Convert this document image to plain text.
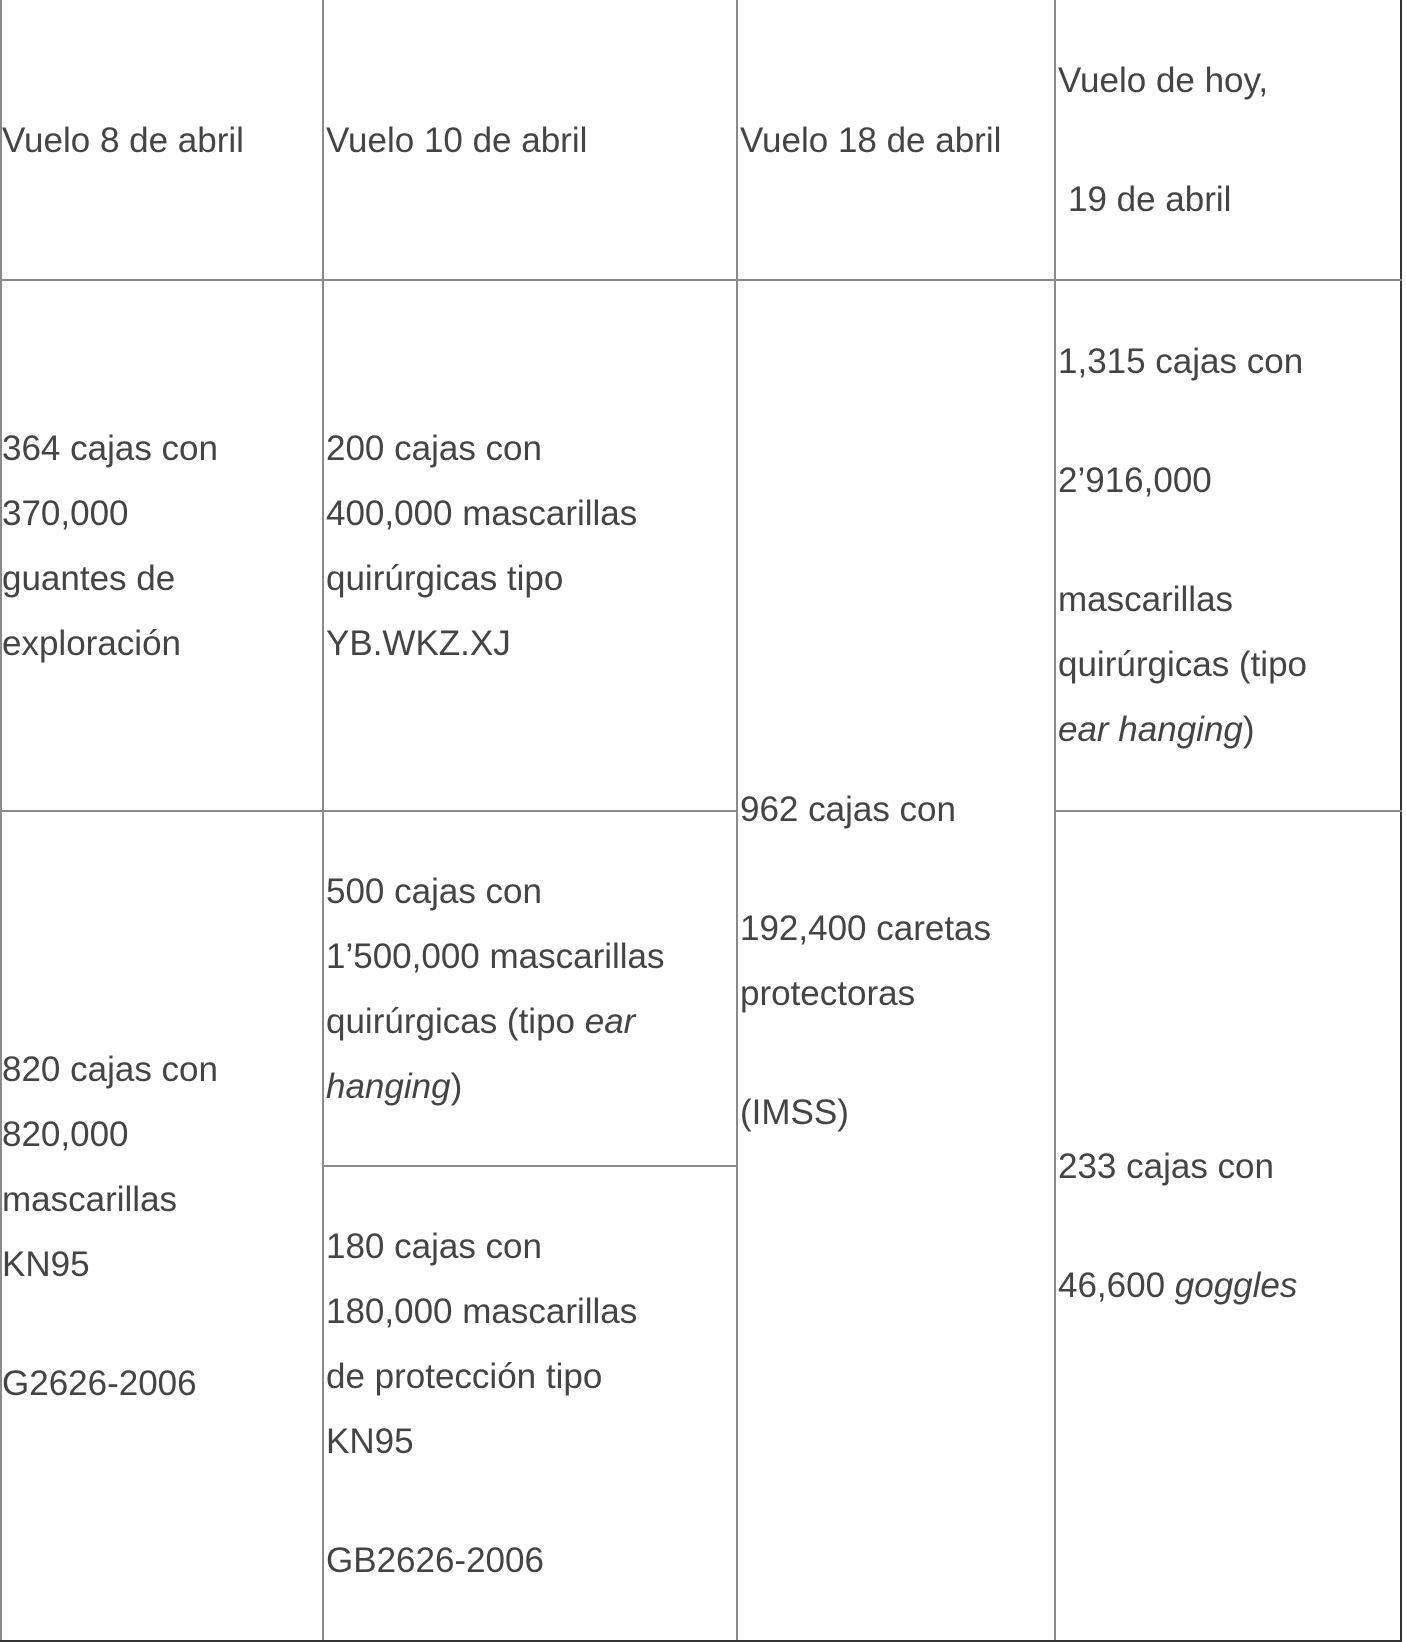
Vuelo 8 de abril	Vuelo 10 de abril	Vuelo 18 de abril

Vuelo de hoy,

19 de abril

364 cajas con

370,000

guantes de

exploración

820 cajas con

820,000

mascarillas

KN95

G2626-2006

200 cajas con

400,000 mascarillas

quirúrgicas tipo

YB.WKZ.XJ

500 cajas con

1’500,000 mascarillas

quirúrgicas (tipo ear

hanging)

180 cajas con

180,000 mascarillas

de protección tipo

KN95

GB2626-2006

962 cajas con

192,400 caretas

protectoras

(IMSS)

1,315 cajas con

2’916,000

mascarillas

quirúrgicas (tipo

ear hanging)

233 cajas con

46,600 goggles
